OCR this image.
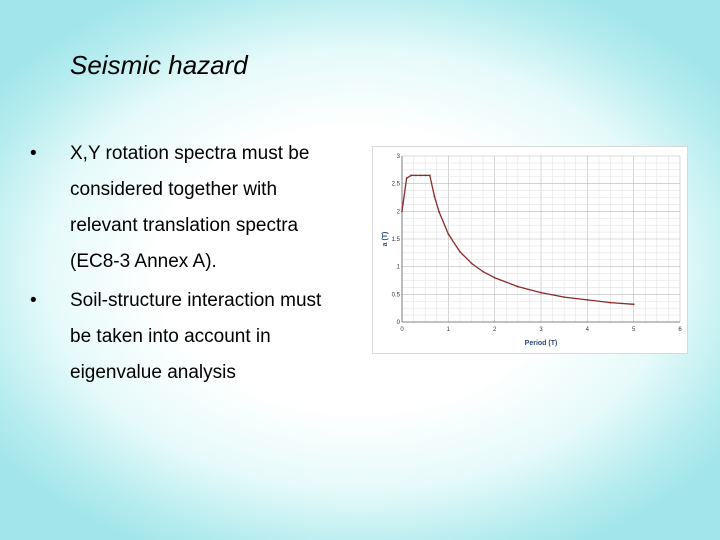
Seismic hazard
• X,Y rotation spectra must be
considered together with
relevant translation spectra
(EC8-3 Annex A).
• Soil-structure interaction must
be taken into account in
eigenvalue analysis
0	1	2	3	4	5	6
0
0.5
1
1.5
2
2.5
3
Period (T)
a (T)
